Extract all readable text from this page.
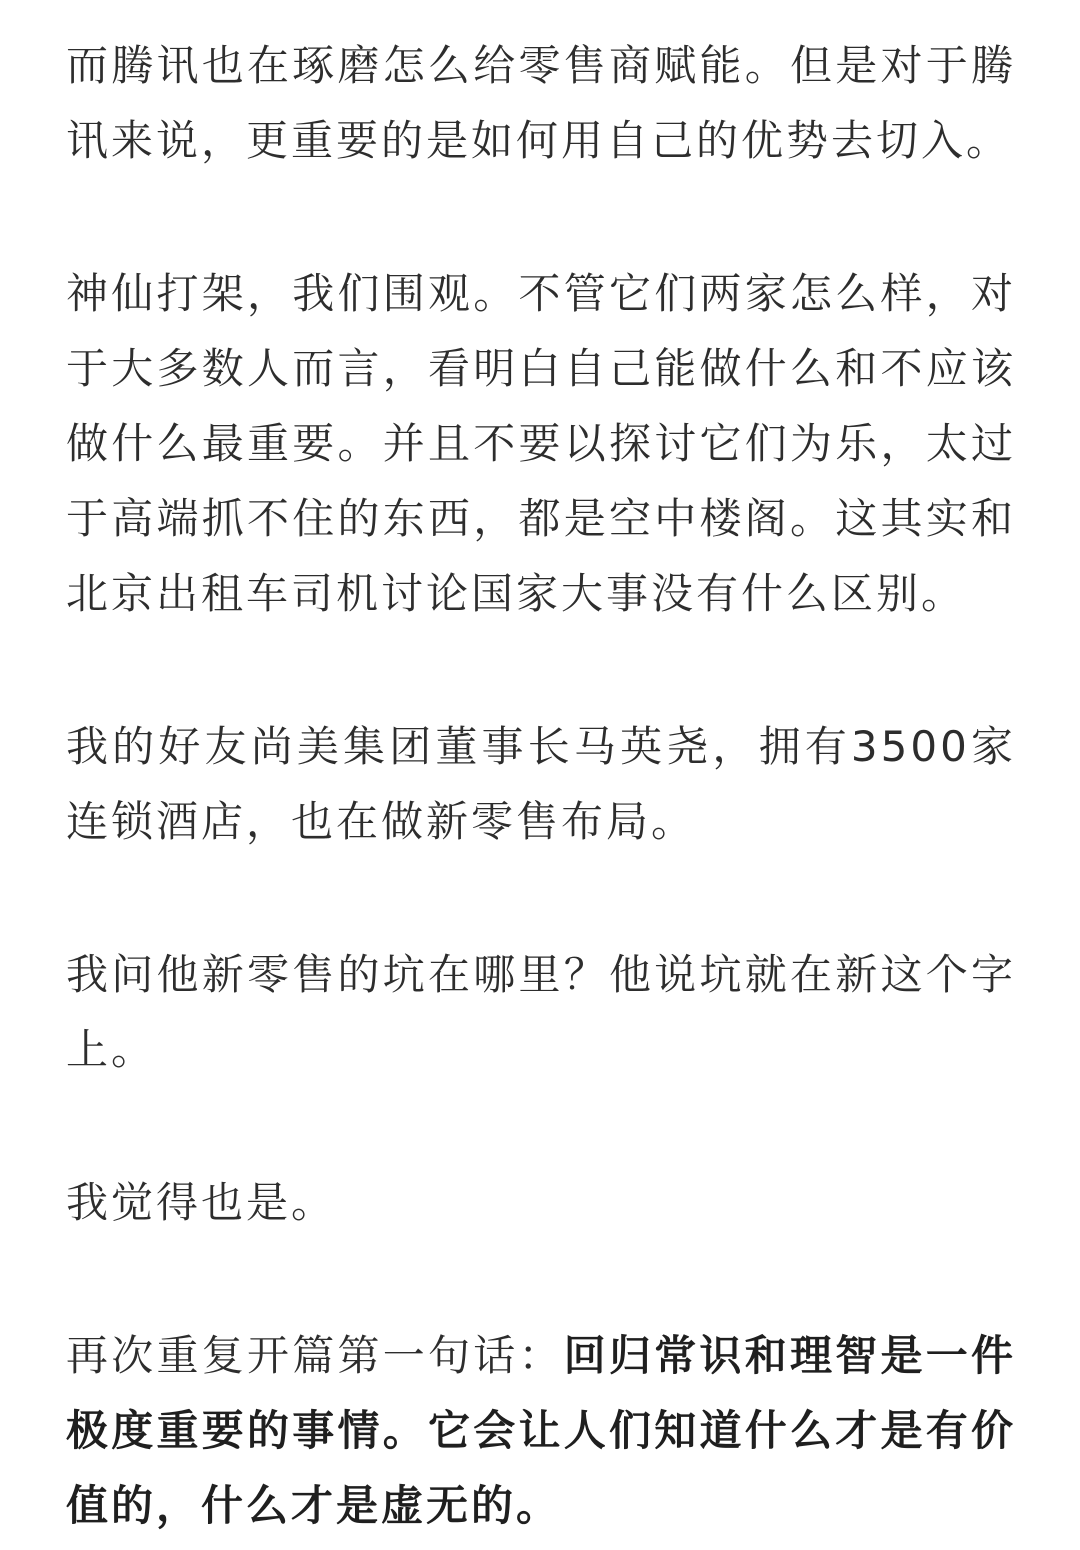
而腾讯也在琢磨怎么给零售商赋能。但是对于腾讯来说，更重要的是如何用自己的优势去切入。

神仙打架，我们围观。不管它们两家怎么样，对于大多数人而言，看明白自己能做什么和不应该做什么最重要。并且不要以探讨它们为乐，太过于高端抓不住的东西，都是空中楼阁。这其实和北京出租车司机讨论国家大事没有什么区别。

我的好友尚美集团董事长马英尧，拥有3500家连锁酒店，也在做新零售布局。

我问他新零售的坑在哪里？他说坑就在新这个字上。

我觉得也是。

再次重复开篇第一句话：回归常识和理智是一件极度重要的事情。它会让人们知道什么才是有价值的，什么才是虚无的。
